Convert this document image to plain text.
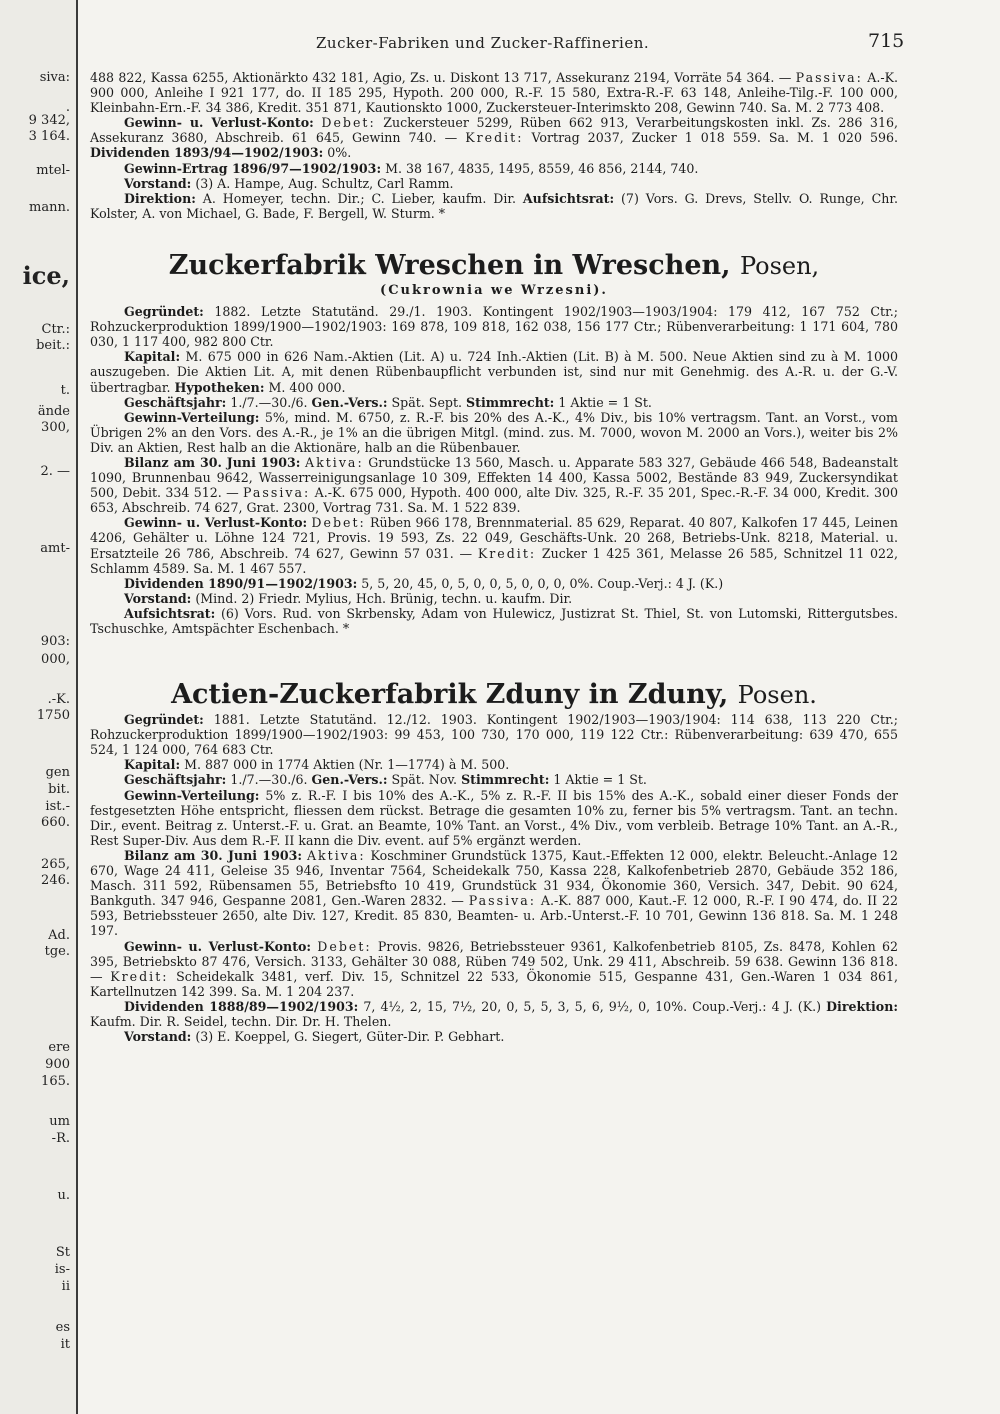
siva:
.
9 342,
3 164.
mtel-
mann.
ice,
Ctr.:
beit.:
t.
ände
300,
2. —
amt-
903:
000,
.-K.
1750
gen
bit.
ist.-
660.
265,
246.
Ad.
tge.
ere
900
165.
um
-R.
u.
St
is-
ii
es
it
Zucker-Fabriken und Zucker-Raffinerien.	715

488 822, Kassa 6255, Aktionärkto 432 181, Agio, Zs. u. Diskont 13 717, Assekuranz 2194, Vorräte 54 364. — Passiva: A.-K. 900 000, Anleihe I 921 177, do. II 185 295, Hypoth. 200 000, R.-F. 15 580, Extra-R.-F. 63 148, Anleihe-Tilg.-F. 100 000, Kleinbahn-Ern.-F. 34 386, Kredit. 351 871, Kautionskto 1000, Zuckersteuer-Interimskto 208, Gewinn 740. Sa. M. 2 773 408.

Gewinn- u. Verlust-Konto: Debet: Zuckersteuer 5299, Rüben 662 913, Verarbeitungskosten inkl. Zs. 286 316, Assekuranz 3680, Abschreib. 61 645, Gewinn 740. — Kredit: Vortrag 2037, Zucker 1 018 559. Sa. M. 1 020 596. Dividenden 1893/94—1902/1903: 0%.

Gewinn-Ertrag 1896/97—1902/1903: M. 38 167, 4835, 1495, 8559, 46 856, 2144, 740.

Vorstand: (3) A. Hampe, Aug. Schultz, Carl Ramm.

Direktion: A. Homeyer, techn. Dir.; C. Lieber, kaufm. Dir. Aufsichtsrat: (7) Vors. G. Drevs, Stellv. O. Runge, Chr. Kolster, A. von Michael, G. Bade, F. Bergell, W. Sturm. *

Zuckerfabrik Wreschen in Wreschen, Posen,
(Cukrownia we Wrzesni).

Gegründet: 1882. Letzte Statutänd. 29./1. 1903. Kontingent 1902/1903—1903/1904: 179 412, 167 752 Ctr.; Rohzuckerproduktion 1899/1900—1902/1903: 169 878, 109 818, 162 038, 156 177 Ctr.; Rübenverarbeitung: 1 171 604, 780 030, 1 117 400, 982 800 Ctr.

Kapital: M. 675 000 in 626 Nam.-Aktien (Lit. A) u. 724 Inh.-Aktien (Lit. B) à M. 500. Neue Aktien sind zu à M. 1000 auszugeben. Die Aktien Lit. A, mit denen Rübenbaupflicht verbunden ist, sind nur mit Genehmig. des A.-R. u. der G.-V. übertragbar. Hypotheken: M. 400 000.

Geschäftsjahr: 1./7.—30./6. Gen.-Vers.: Spät. Sept. Stimmrecht: 1 Aktie = 1 St.

Gewinn-Verteilung: 5%, mind. M. 6750, z. R.-F. bis 20% des A.-K., 4% Div., bis 10% vertragsm. Tant. an Vorst., vom Übrigen 2% an den Vors. des A.-R., je 1% an die übrigen Mitgl. (mind. zus. M. 7000, wovon M. 2000 an Vors.), weiter bis 2% Div. an Aktien, Rest halb an die Aktionäre, halb an die Rübenbauer.

Bilanz am 30. Juni 1903: Aktiva: Grundstücke 13 560, Masch. u. Apparate 583 327, Gebäude 466 548, Badeanstalt 1090, Brunnenbau 9642, Wasserreinigungsanlage 10 309, Effekten 14 400, Kassa 5002, Bestände 83 949, Zuckersyndikat 500, Debit. 334 512. — Passiva: A.-K. 675 000, Hypoth. 400 000, alte Div. 325, R.-F. 35 201, Spec.-R.-F. 34 000, Kredit. 300 653, Abschreib. 74 627, Grat. 2300, Vortrag 731. Sa. M. 1 522 839.

Gewinn- u. Verlust-Konto: Debet: Rüben 966 178, Brennmaterial. 85 629, Reparat. 40 807, Kalkofen 17 445, Leinen 4206, Gehälter u. Löhne 124 721, Provis. 19 593, Zs. 22 049, Geschäfts-Unk. 20 268, Betriebs-Unk. 8218, Material. u. Ersatzteile 26 786, Abschreib. 74 627, Gewinn 57 031. — Kredit: Zucker 1 425 361, Melasse 26 585, Schnitzel 11 022, Schlamm 4589. Sa. M. 1 467 557.

Dividenden 1890/91—1902/1903: 5, 5, 20, 45, 0, 5, 0, 0, 5, 0, 0, 0, 0%. Coup.-Verj.: 4 J. (K.)

Vorstand: (Mind. 2) Friedr. Mylius, Hch. Brünig, techn. u. kaufm. Dir.

Aufsichtsrat: (6) Vors. Rud. von Skrbensky, Adam von Hulewicz, Justizrat St. Thiel, St. von Lutomski, Rittergutsbes. Tschuschke, Amtspächter Eschenbach. *

Actien-Zuckerfabrik Zduny in Zduny, Posen.

Gegründet: 1881. Letzte Statutänd. 12./12. 1903. Kontingent 1902/1903—1903/1904: 114 638, 113 220 Ctr.; Rohzuckerproduktion 1899/1900—1902/1903: 99 453, 100 730, 170 000, 119 122 Ctr.: Rübenverarbeitung: 639 470, 655 524, 1 124 000, 764 683 Ctr.

Kapital: M. 887 000 in 1774 Aktien (Nr. 1—1774) à M. 500.

Geschäftsjahr: 1./7.—30./6. Gen.-Vers.: Spät. Nov. Stimmrecht: 1 Aktie = 1 St.

Gewinn-Verteilung: 5% z. R.-F. I bis 10% des A.-K., 5% z. R.-F. II bis 15% des A.-K., sobald einer dieser Fonds der festgesetzten Höhe entspricht, fliessen dem rückst. Betrage die gesamten 10% zu, ferner bis 5% vertragsm. Tant. an techn. Dir., event. Beitrag z. Unterst.-F. u. Grat. an Beamte, 10% Tant. an Vorst., 4% Div., vom verbleib. Betrage 10% Tant. an A.-R., Rest Super-Div. Aus dem R.-F. II kann die Div. event. auf 5% ergänzt werden.

Bilanz am 30. Juni 1903: Aktiva: Koschminer Grundstück 1375, Kaut.-Effekten 12 000, elektr. Beleucht.-Anlage 12 670, Wage 24 411, Geleise 35 946, Inventar 7564, Scheidekalk 750, Kassa 228, Kalkofenbetrieb 2870, Gebäude 352 186, Masch. 311 592, Rübensamen 55, Betriebsfto 10 419, Grundstück 31 934, Ökonomie 360, Versich. 347, Debit. 90 624, Bankguth. 347 946, Gespanne 2081, Gen.-Waren 2832. — Passiva: A.-K. 887 000, Kaut.-F. 12 000, R.-F. I 90 474, do. II 22 593, Betriebssteuer 2650, alte Div. 127, Kredit. 85 830, Beamten- u. Arb.-Unterst.-F. 10 701, Gewinn 136 818. Sa. M. 1 248 197.

Gewinn- u. Verlust-Konto: Debet: Provis. 9826, Betriebssteuer 9361, Kalkofenbetrieb 8105, Zs. 8478, Kohlen 62 395, Betriebskto 87 476, Versich. 3133, Gehälter 30 088, Rüben 749 502, Unk. 29 411, Abschreib. 59 638. Gewinn 136 818. — Kredit: Scheidekalk 3481, verf. Div. 15, Schnitzel 22 533, Ökonomie 515, Gespanne 431, Gen.-Waren 1 034 861, Kartellnutzen 142 399. Sa. M. 1 204 237.

Dividenden 1888/89—1902/1903: 7, 4½, 2, 15, 7½, 20, 0, 5, 5, 3, 5, 6, 9½, 0, 10%. Coup.-Verj.: 4 J. (K.) Direktion: Kaufm. Dir. R. Seidel, techn. Dir. Dr. H. Thelen.

Vorstand: (3) E. Koeppel, G. Siegert, Güter-Dir. P. Gebhart.
